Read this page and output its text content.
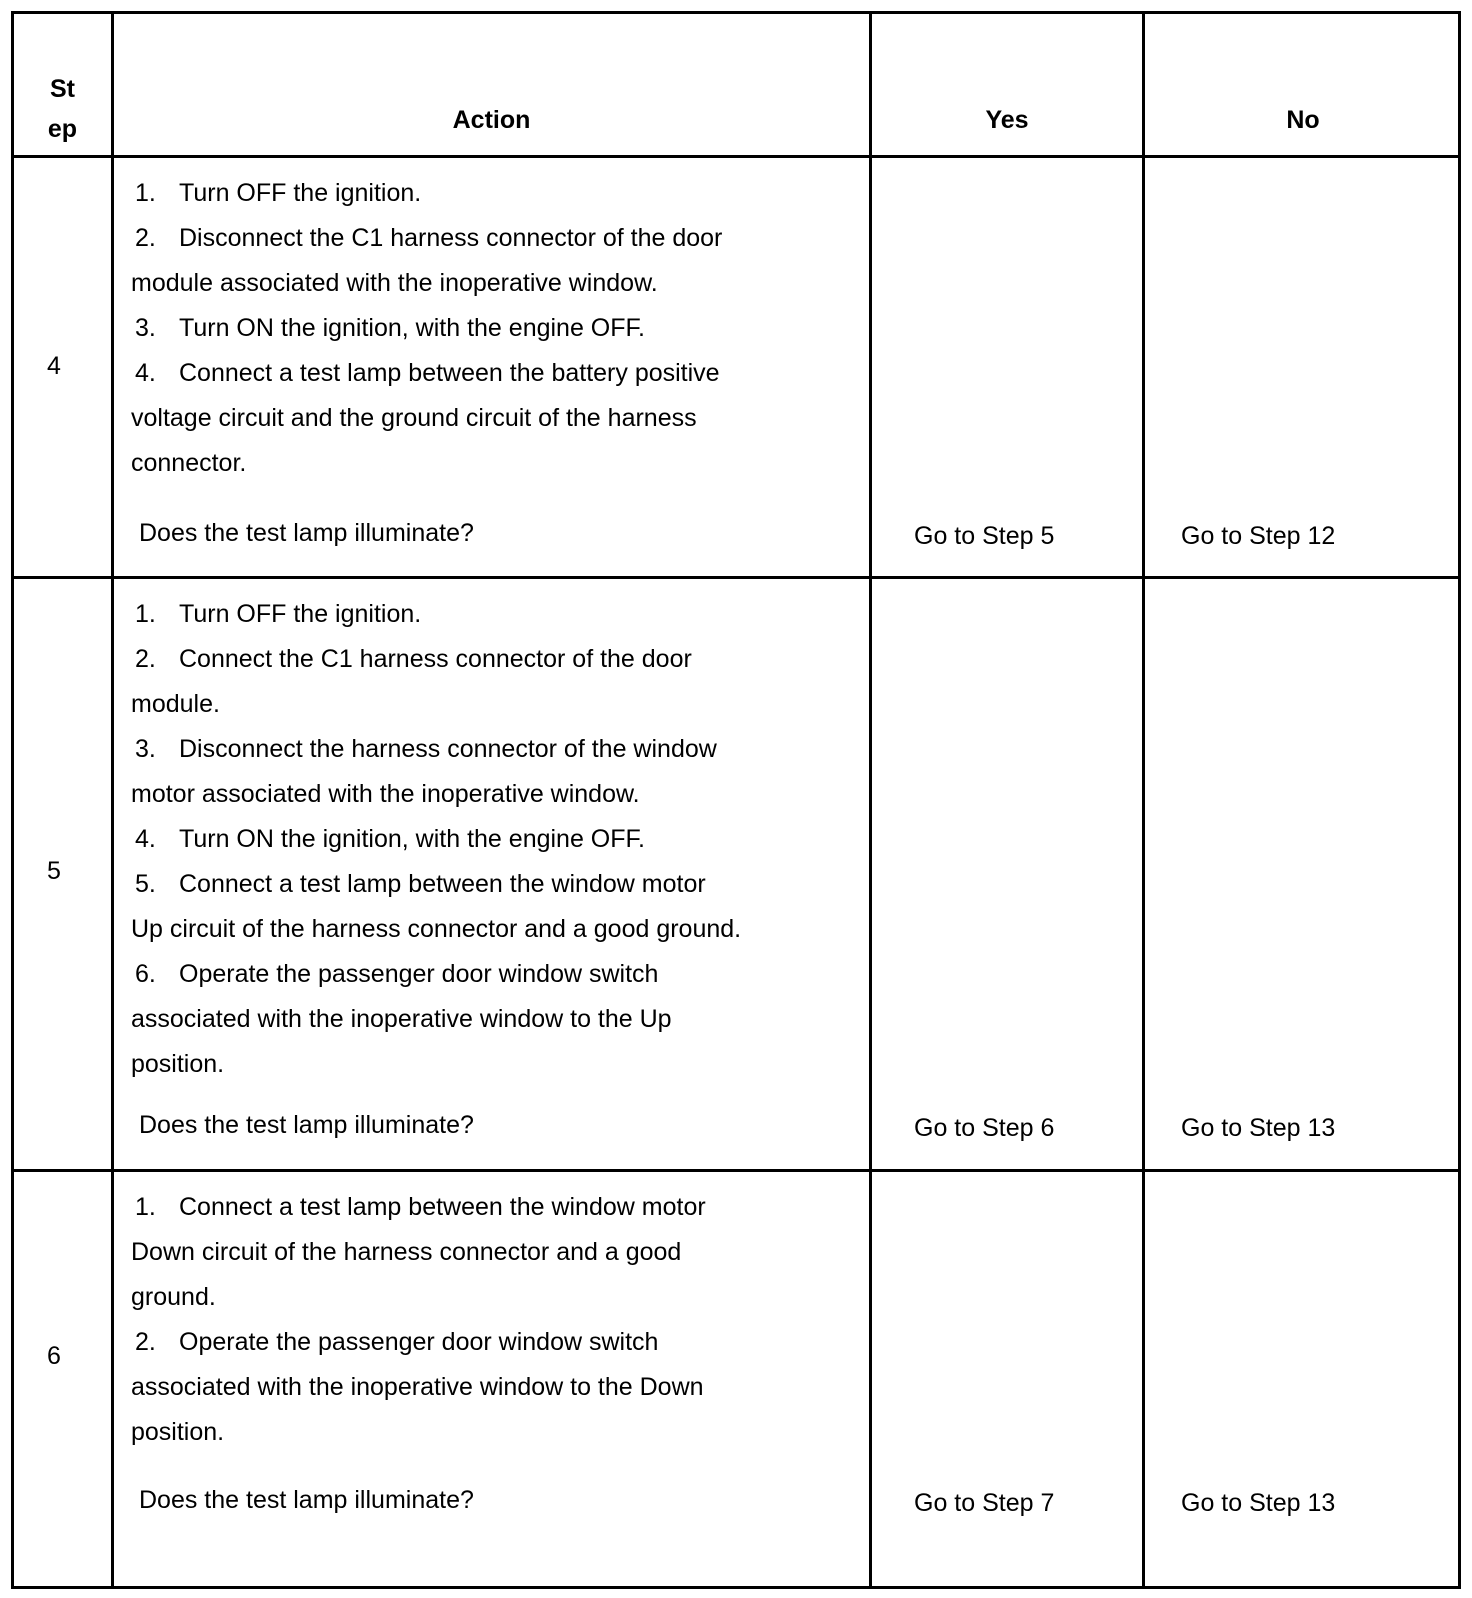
St
ep	Action	Yes	No
4
1. Turn OFF the ignition.
2. Disconnect the C1 harness connector of the door
module associated with the inoperative window.
3. Turn ON the ignition, with the engine OFF.
4. Connect a test lamp between the battery positive
voltage circuit and the ground circuit of the harness
connector.
Does the test lamp illuminate?	Go to Step 5	Go to Step 12
5
1. Turn OFF the ignition.
2. Connect the C1 harness connector of the door
module.
3. Disconnect the harness connector of the window
motor associated with the inoperative window.
4. Turn ON the ignition, with the engine OFF.
5. Connect a test lamp between the window motor
Up circuit of the harness connector and a good ground.
6. Operate the passenger door window switch
associated with the inoperative window to the Up
position.
Does the test lamp illuminate?	Go to Step 6	Go to Step 13
6
1. Connect a test lamp between the window motor
Down circuit of the harness connector and a good
ground.
2. Operate the passenger door window switch
associated with the inoperative window to the Down
position.
Does the test lamp illuminate?	Go to Step 7	Go to Step 13
